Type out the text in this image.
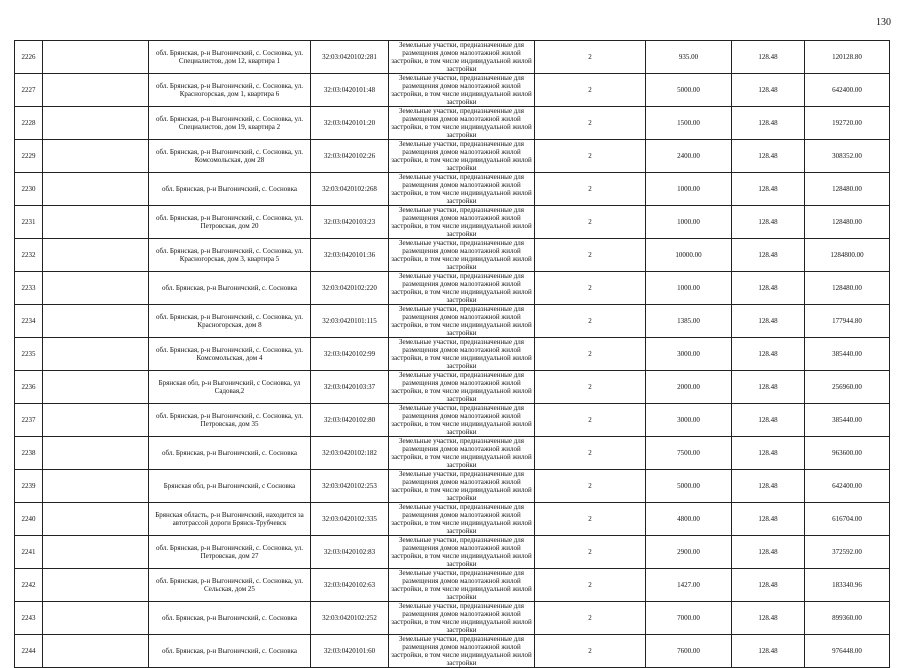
130
2226		обл. Брянская, р-н Выгоничский, с. Сосновка, ул. Специалистов, дом 12, квартира 1	32:03:0420102:281	Земельные участки, предназначенные для размещения домов малоэтажной жилой застройки, в том числе индивидуальной жилой застройки	2	935.00	128.48	120128.80
2227		обл. Брянская, р-н Выгоничский, с. Сосновка, ул. Красногорская, дом 1, квартира 6	32:03:0420101:48	Земельные участки, предназначенные для размещения домов малоэтажной жилой застройки, в том числе индивидуальной жилой застройки	2	5000.00	128.48	642400.00
2228		обл. Брянская, р-н Выгоничский, с. Сосновка, ул. Специалистов, дом 19, квартира 2	32:03:0420101:20	Земельные участки, предназначенные для размещения домов малоэтажной жилой застройки, в том числе индивидуальной жилой застройки	2	1500.00	128.48	192720.00
2229		обл. Брянская, р-н Выгоничский, с. Сосновка, ул. Комсомольская, дом 28	32:03:0420102:26	Земельные участки, предназначенные для размещения домов малоэтажной жилой застройки, в том числе индивидуальной жилой застройки	2	2400.00	128.48	308352.00
2230		обл. Брянская, р-н Выгоничский, с. Сосновка	32:03:0420102:268	Земельные участки, предназначенные для размещения домов малоэтажной жилой застройки, в том числе индивидуальной жилой застройки	2	1000.00	128.48	128480.00
2231		обл. Брянская, р-н Выгоничский, с. Сосновка, ул. Петровская, дом 20	32:03:0420103:23	Земельные участки, предназначенные для размещения домов малоэтажной жилой застройки, в том числе индивидуальной жилой застройки	2	1000.00	128.48	128480.00
2232		обл. Брянская, р-н Выгоничский, с. Сосновка, ул. Красногорская, дом 3, квартира 5	32:03:0420101:36	Земельные участки, предназначенные для размещения домов малоэтажной жилой застройки, в том числе индивидуальной жилой застройки	2	10000.00	128.48	1284800.00
2233		обл. Брянская, р-н Выгоничский, с. Сосновка	32:03:0420102:220	Земельные участки, предназначенные для размещения домов малоэтажной жилой застройки, в том числе индивидуальной жилой застройки	2	1000.00	128.48	128480.00
2234		обл. Брянская, р-н Выгоничский, с. Сосновка, ул. Красногорская, дом 8	32:03:0420101:115	Земельные участки, предназначенные для размещения домов малоэтажной жилой застройки, в том числе индивидуальной жилой застройки	2	1385.00	128.48	177944.80
2235		обл. Брянская, р-н Выгоничский, с. Сосновка, ул. Комсомольская, дом 4	32:03:0420102:99	Земельные участки, предназначенные для размещения домов малоэтажной жилой застройки, в том числе индивидуальной жилой застройки	2	3000.00	128.48	385440.00
2236		Брянская обл, р-н Выгоничский, с Сосновка, ул Садовая,2	32:03:0420103:37	Земельные участки, предназначенные для размещения домов малоэтажной жилой застройки, в том числе индивидуальной жилой застройки	2	2000.00	128.48	256960.00
2237		обл. Брянская, р-н Выгоничский, с. Сосновка, ул. Петровская, дом 35	32:03:0420102:80	Земельные участки, предназначенные для размещения домов малоэтажной жилой застройки, в том числе индивидуальной жилой застройки	2	3000.00	128.48	385440.00
2238		обл. Брянская, р-н Выгоничский, с. Сосновка	32:03:0420102:182	Земельные участки, предназначенные для размещения домов малоэтажной жилой застройки, в том числе индивидуальной жилой застройки	2	7500.00	128.48	963600.00
2239		Брянская обл, р-н Выгоничский, с Сосновка	32:03:0420102:253	Земельные участки, предназначенные для размещения домов малоэтажной жилой застройки, в том числе индивидуальной жилой застройки	2	5000.00	128.48	642400.00
2240		Брянская область, р-н Выгоничский, находится за автотрассой дороги Брянск-Трубчевск	32:03:0420102:335	Земельные участки, предназначенные для размещения домов малоэтажной жилой застройки, в том числе индивидуальной жилой застройки	2	4800.00	128.48	616704.00
2241		обл. Брянская, р-н Выгоничский, с. Сосновка, ул. Петровская, дом 27	32:03:0420102:83	Земельные участки, предназначенные для размещения домов малоэтажной жилой застройки, в том числе индивидуальной жилой застройки	2	2900.00	128.48	372592.00
2242		обл. Брянская, р-н Выгоничский, с. Сосновка, ул. Сельская, дом 25	32:03:0420102:63	Земельные участки, предназначенные для размещения домов малоэтажной жилой застройки, в том числе индивидуальной жилой застройки	2	1427.00	128.48	183340.96
2243		обл. Брянская, р-н Выгоничский, с. Сосновка	32:03:0420102:252	Земельные участки, предназначенные для размещения домов малоэтажной жилой застройки, в том числе индивидуальной жилой застройки	2	7000.00	128.48	899360.00
2244		обл. Брянская, р-н Выгоничский, с. Сосновка	32:03:0420101:60	Земельные участки, предназначенные для размещения домов малоэтажной жилой застройки, в том числе индивидуальной жилой застройки	2	7600.00	128.48	976448.00
